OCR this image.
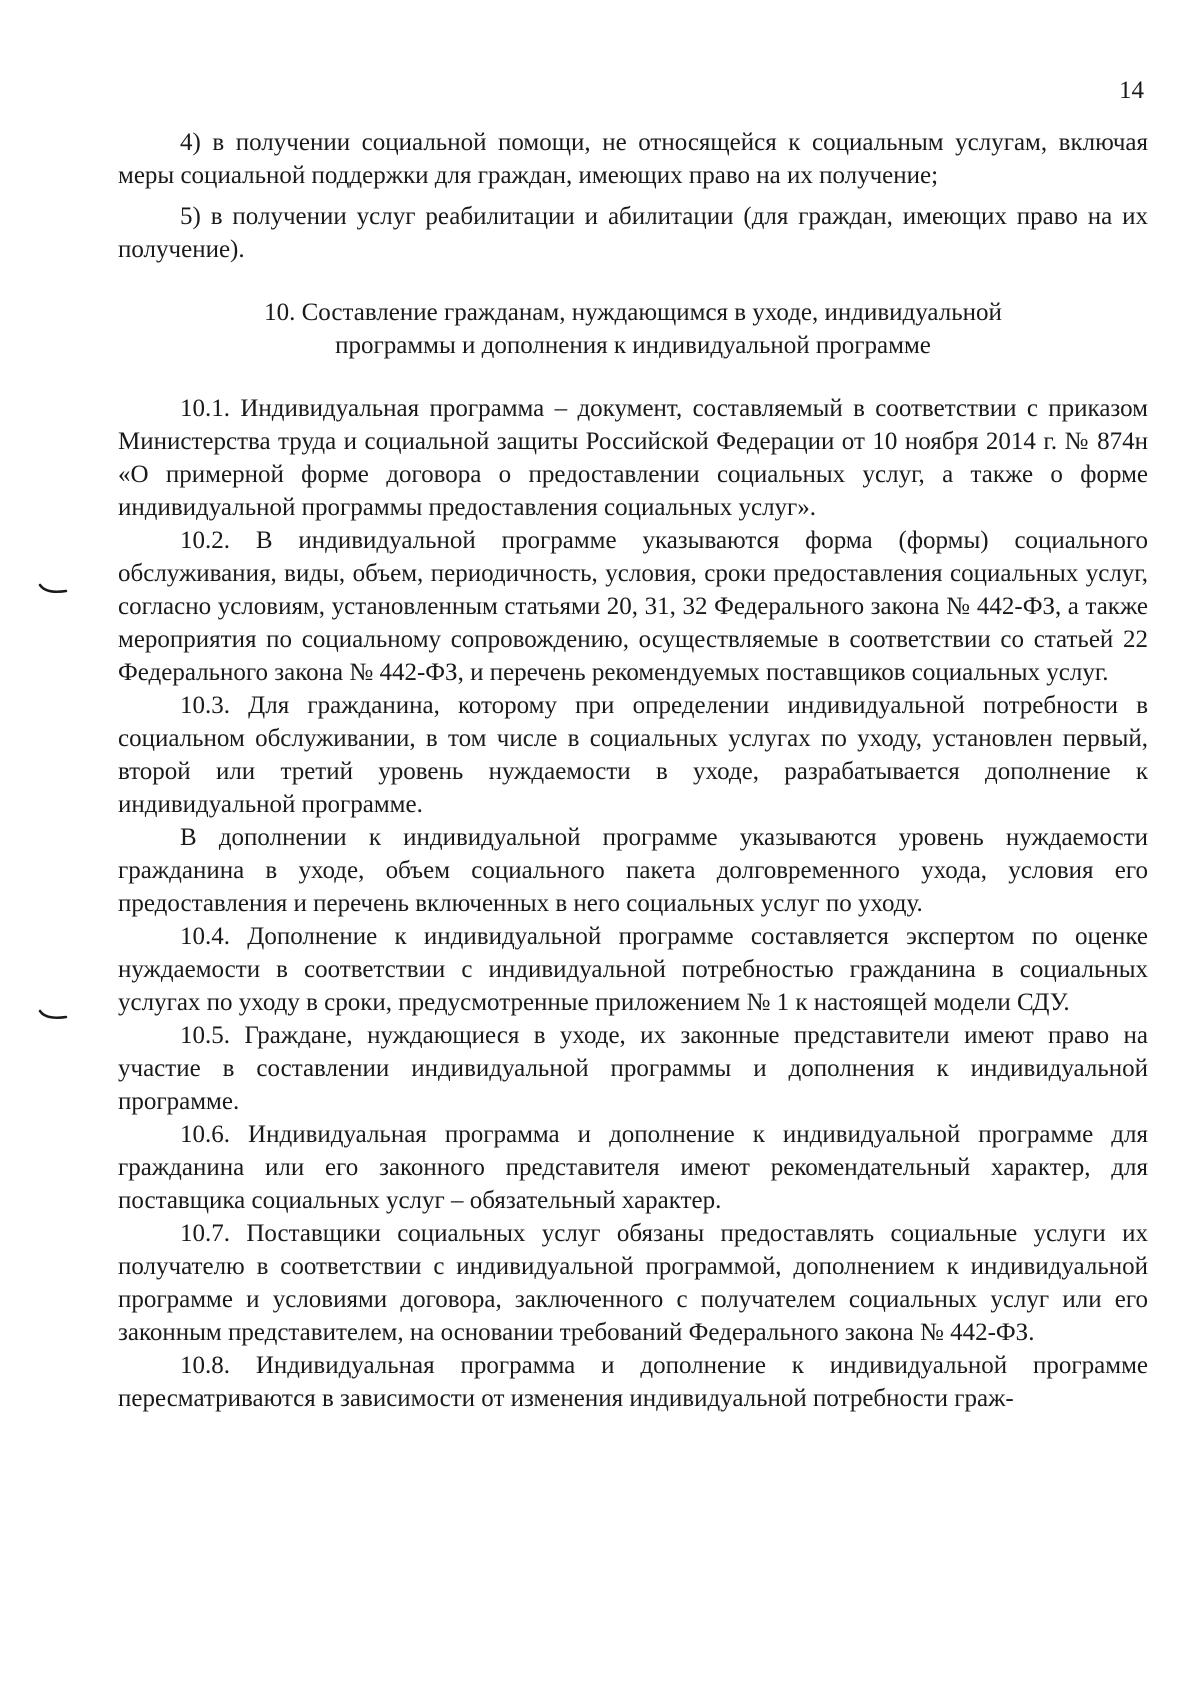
14

4) в получении социальной помощи, не относящейся к социальным услугам, включая меры социальной поддержки для граждан, имеющих право на их получение;

5) в получении услуг реабилитации и абилитации (для граждан, имеющих право на их получение).

10. Составление гражданам, нуждающимся в уходе, индивидуальной
программы и дополнения к индивидуальной программе

10.1. Индивидуальная программа – документ, составляемый в соответствии с приказом Министерства труда и социальной защиты Российской Федерации от 10 ноября 2014 г. № 874н «О примерной форме договора о предоставлении социальных услуг, а также о форме индивидуальной программы предоставления социальных услуг».

10.2. В индивидуальной программе указываются форма (формы) социального обслуживания, виды, объем, периодичность, условия, сроки предоставления социальных услуг, согласно условиям, установленным статьями 20, 31, 32 Федерального закона № 442-ФЗ, а также мероприятия по социальному сопровождению, осуществляемые в соответствии со статьей 22 Федерального закона № 442-ФЗ, и перечень рекомендуемых поставщиков социальных услуг.

10.3. Для гражданина, которому при определении индивидуальной потребности в социальном обслуживании, в том числе в социальных услугах по уходу, установлен первый, второй или третий уровень нуждаемости в уходе, разрабатывается дополнение к индивидуальной программе.

В дополнении к индивидуальной программе указываются уровень нуждаемости гражданина в уходе, объем социального пакета долговременного ухода, условия его предоставления и перечень включенных в него социальных услуг по уходу.

10.4. Дополнение к индивидуальной программе составляется экспертом по оценке нуждаемости в соответствии с индивидуальной потребностью гражданина в социальных услугах по уходу в сроки, предусмотренные приложением № 1 к настоящей модели СДУ.

10.5. Граждане, нуждающиеся в уходе, их законные представители имеют право на участие в составлении индивидуальной программы и дополнения к индивидуальной программе.

10.6. Индивидуальная программа и дополнение к индивидуальной программе для гражданина или его законного представителя имеют рекомендательный характер, для поставщика социальных услуг – обязательный характер.

10.7. Поставщики социальных услуг обязаны предоставлять социальные услуги их получателю в соответствии с индивидуальной программой, дополнением к индивидуальной программе и условиями договора, заключенного с получателем социальных услуг или его законным представителем, на основании требований Федерального закона № 442-ФЗ.

10.8. Индивидуальная программа и дополнение к индивидуальной программе пересматриваются в зависимости от изменения индивидуальной потребности граж-
